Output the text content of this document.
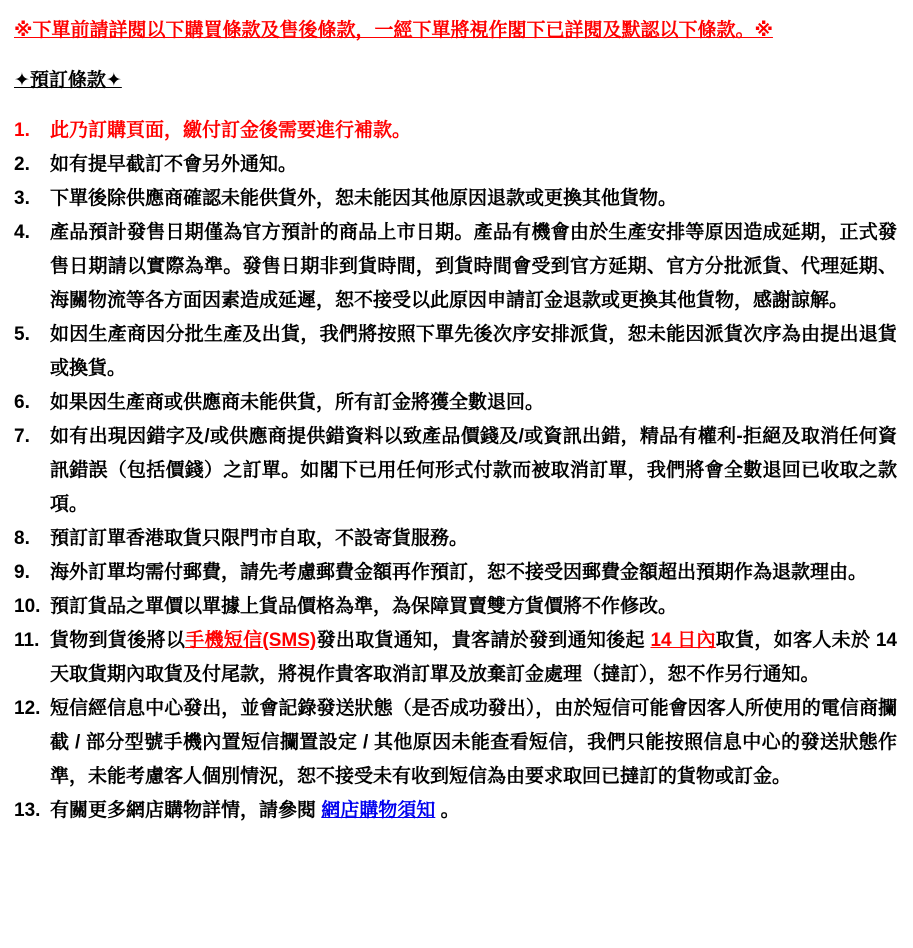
※下單前請詳閱以下購買條款及售後條款，一經下單將視作閣下已詳閱及默認以下條款。※
✦預訂條款✦
1. 此乃訂購頁面，繳付訂金後需要進行補款。
2. 如有提早截訂不會另外通知。
3. 下單後除供應商確認未能供貨外，恕未能因其他原因退款或更換其他貨物。
4. 產品預計發售日期僅為官方預計的商品上市日期。產品有機會由於生產安排等原因造成延期，正式發售日期請以實際為準。發售日期非到貨時間，到貨時間會受到官方延期、官方分批派貨、代理延期、海關物流等各方面因素造成延遲，恕不接受以此原因申請訂金退款或更換其他貨物，感謝諒解。
5. 如因生產商因分批生產及出貨，我們將按照下單先後次序安排派貨，恕未能因派貨次序為由提出退貨或換貨。
6. 如果因生產商或供應商未能供貨，所有訂金將獲全數退回。
7. 如有出現因錯字及/或供應商提供錯資料以致產品價錢及/或資訊出錯，精品有權利-拒絕及取消任何資訊錯誤（包括價錢）之訂單。如閣下已用任何形式付款而被取消訂單，我們將會全數退回已收取之款項。
8. 預訂訂單香港取貨只限門市自取，不設寄貨服務。
9. 海外訂單均需付郵費，請先考慮郵費金額再作預訂，恕不接受因郵費金額超出預期作為退款理由。
10. 預訂貨品之單價以單據上貨品價格為準，為保障買賣雙方貨價將不作修改。
11. 貨物到貨後將以手機短信(SMS)發出取貨通知，貴客請於發到通知後起 14 日內取貨，如客人未於 14 天取貨期內取貨及付尾款，將視作貴客取消訂單及放棄訂金處理（撻訂），恕不作另行通知。
12. 短信經信息中心發出，並會記錄發送狀態（是否成功發出），由於短信可能會因客人所使用的電信商攔截 / 部分型號手機內置短信攔置設定 / 其他原因未能查看短信，我們只能按照信息中心的發送狀態作準，未能考慮客人個別情況，恕不接受未有收到短信為由要求取回已撻訂的貨物或訂金。
13. 有關更多網店購物詳情，請參閱 網店購物須知 。
